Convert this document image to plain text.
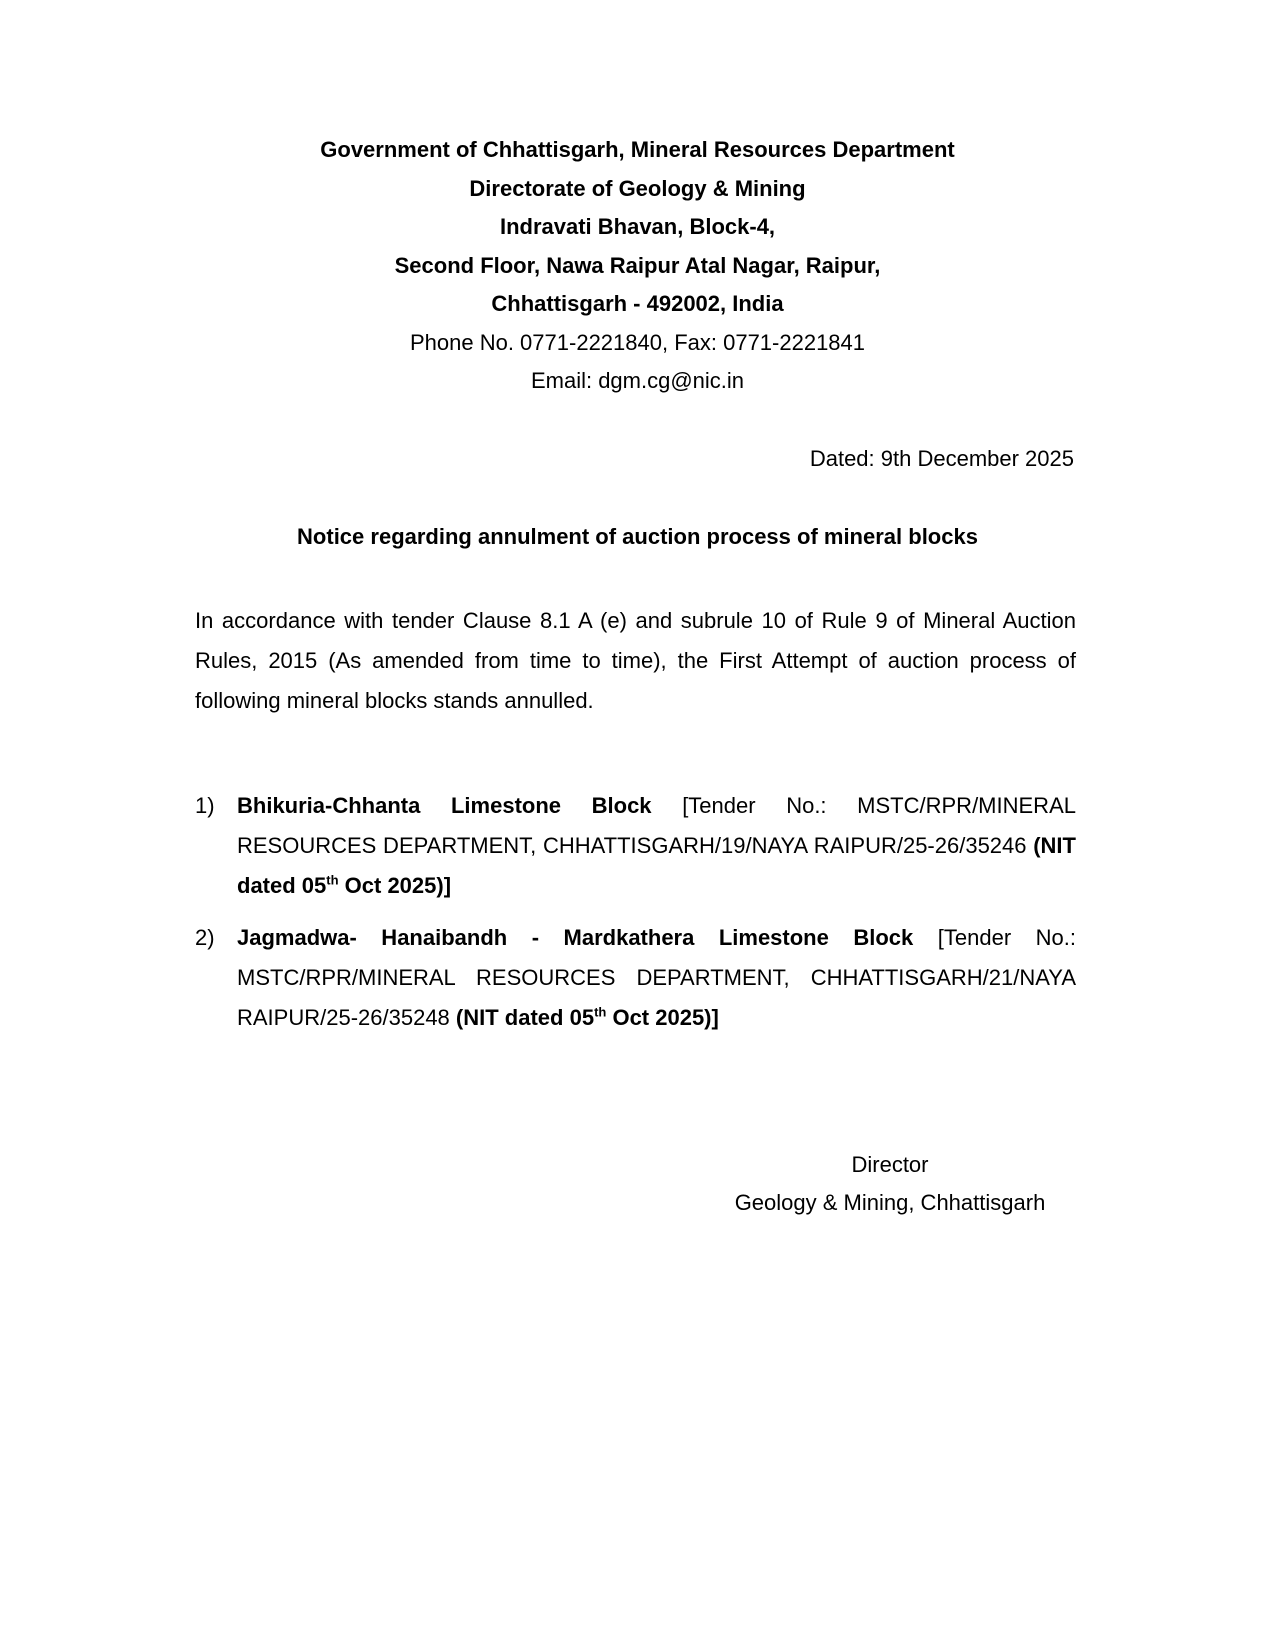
Government of Chhattisgarh, Mineral Resources Department
Directorate of Geology & Mining
Indravati Bhavan, Block-4,
Second Floor, Nawa Raipur Atal Nagar, Raipur,
Chhattisgarh - 492002, India
Phone No. 0771-2221840, Fax: 0771-2221841
Email: dgm.cg@nic.in
Dated: 9th December 2025
Notice regarding annulment of auction process of mineral blocks

In accordance with tender Clause 8.1 A (e) and subrule 10 of Rule 9 of Mineral Auction Rules, 2015 (As amended from time to time), the First Attempt of auction process of following mineral blocks stands annulled.

1) Bhikuria-Chhanta Limestone Block [Tender No.: MSTC/RPR/MINERAL RESOURCES DEPARTMENT, CHHATTISGARH/19/NAYA RAIPUR/25-26/35246 (NIT dated 05th Oct 2025)]
2) Jagmadwa- Hanaibandh - Mardkathera Limestone Block [Tender No.: MSTC/RPR/MINERAL RESOURCES DEPARTMENT, CHHATTISGARH/21/NAYA RAIPUR/25-26/35248 (NIT dated 05th Oct 2025)]
Director
Geology & Mining, Chhattisgarh
